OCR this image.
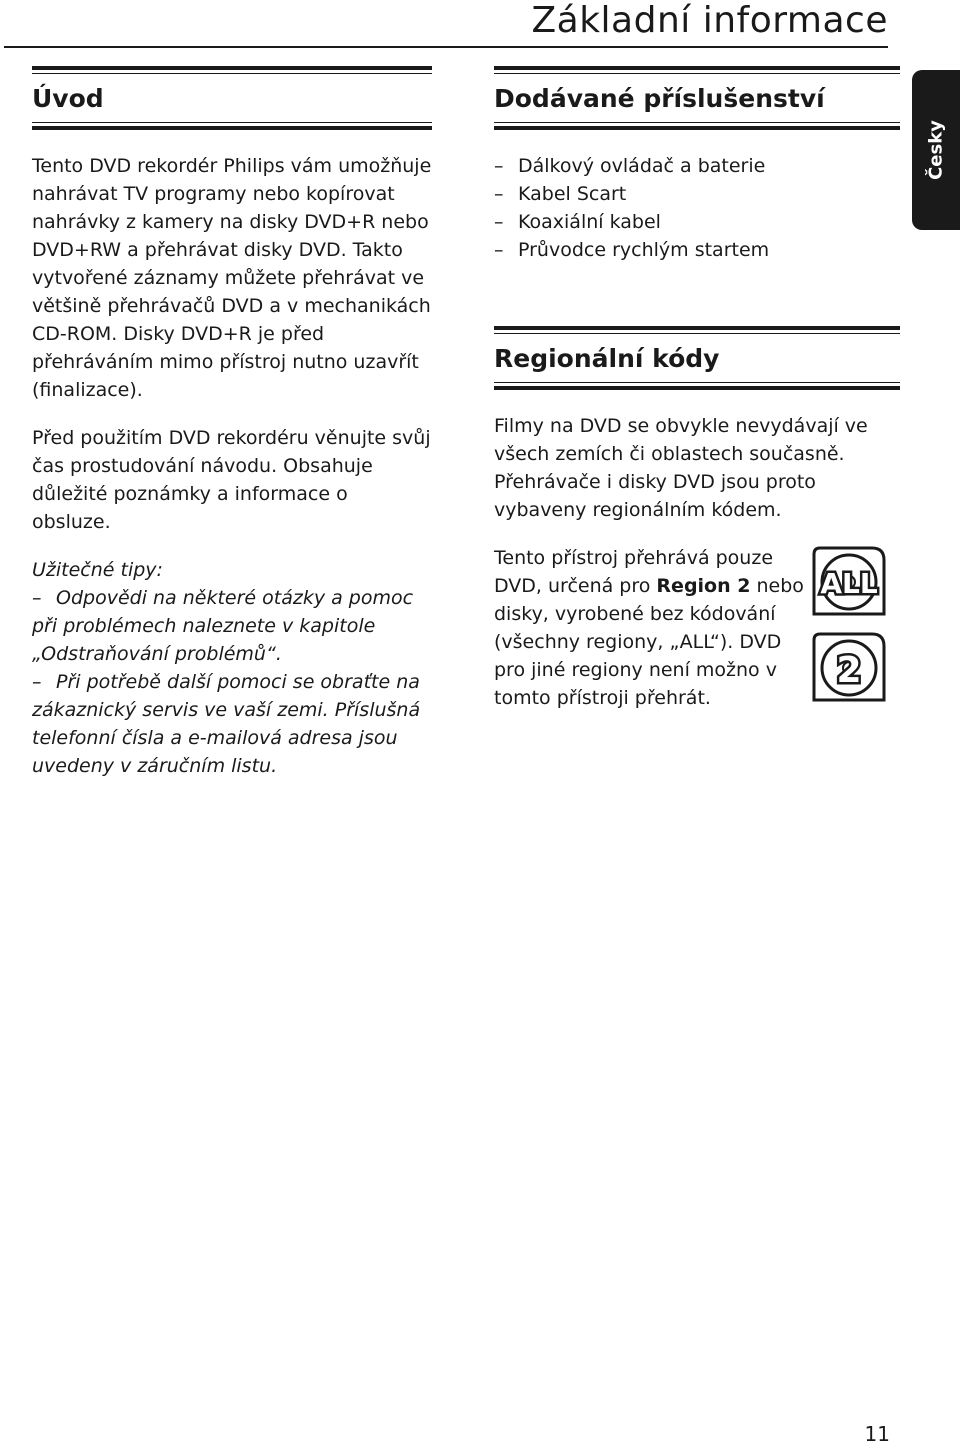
Základní informace
Česky
Úvod

Tento DVD rekordér Philips vám umožňuje nahrávat TV programy nebo kopírovat nahrávky z kamery na disky DVD+R nebo DVD+RW a přehrávat disky DVD. Takto vytvořené záznamy můžete přehrávat ve většině přehrávačů DVD a v mechanikách CD-ROM. Disky DVD+R je před přehráváním mimo přístroj nutno uzavřít (finalizace).

Před použitím DVD rekordéru věnujte svůj čas prostudování návodu. Obsahuje důležité poznámky a informace o obsluze.

Užitečné tipy:

– Odpovědi na některé otázky a pomoc při problémech naleznete v kapitole „Odstraňování problémů“.

– Při potřebě další pomoci se obraťte na zákaznický servis ve vaší zemi. Příslušná telefonní čísla a e-mailová adresa jsou uvedeny v záručním listu.

Dodávané příslušenství
– Dálkový ovládač a baterie
– Kabel Scart
– Koaxiální kabel
– Průvodce rychlým startem
Regionální kódy

Filmy na DVD se obvykle nevydávají ve všech zemích či oblastech současně. Přehrávače i disky DVD jsou proto vybaveny regionálním kódem.

Tento přístroj přehrává pouze DVD, určená pro Region 2 nebo disky, vyrobené bez kódování (všechny regiony, „ALL“). DVD pro jiné regiony není možno v tomto přístroji přehrát.

ALL
2

11
